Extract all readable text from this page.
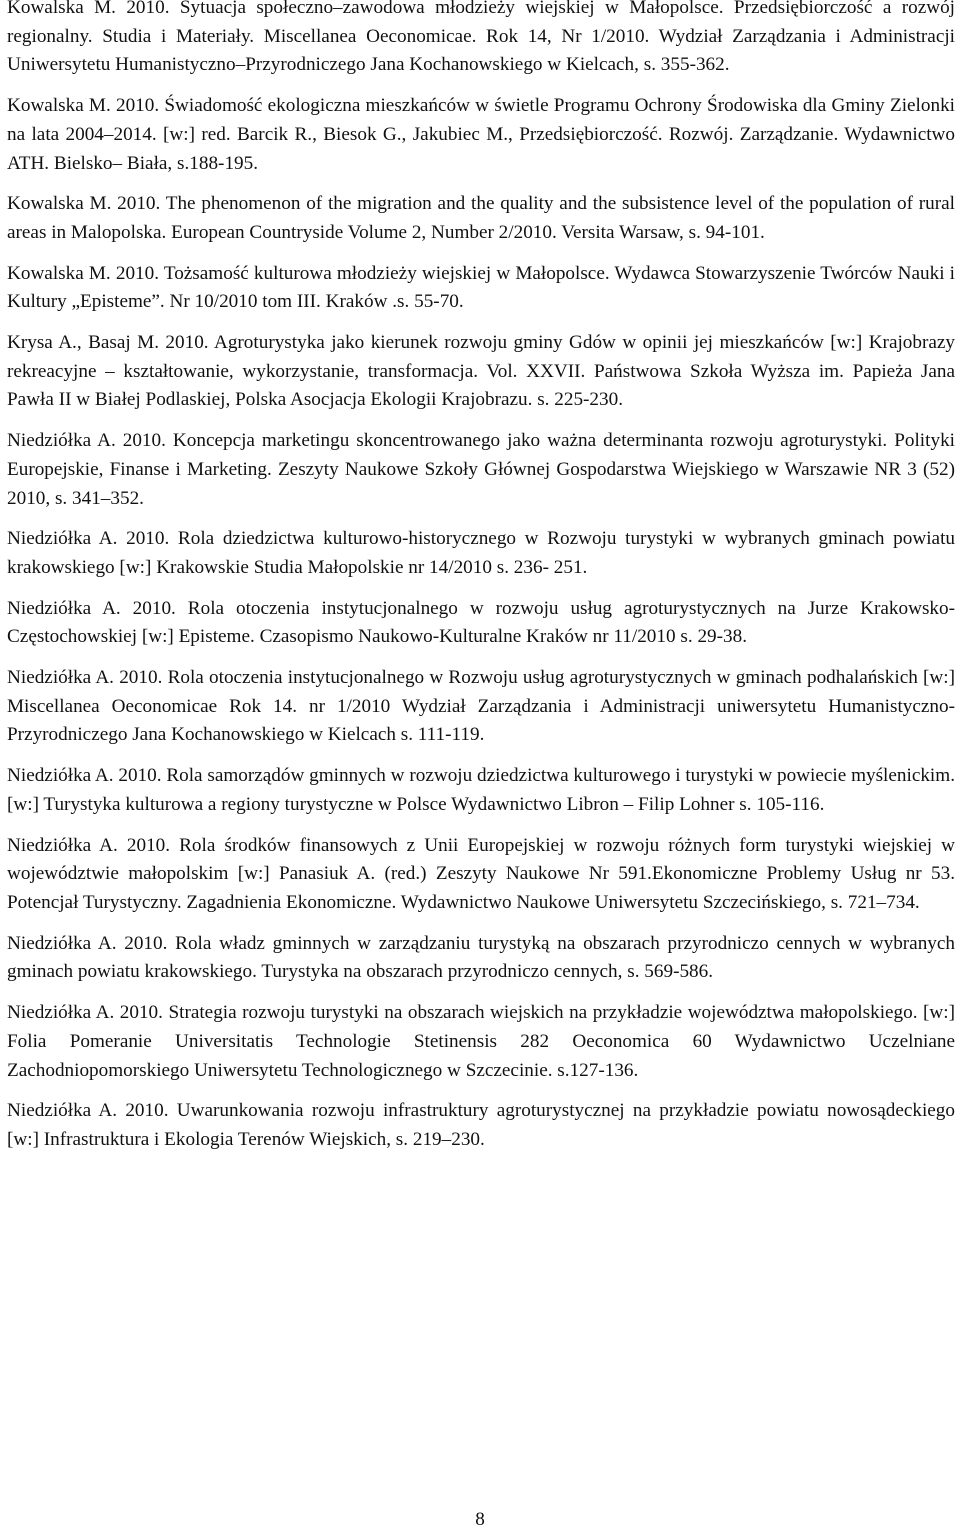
Kowalska M. 2010. Sytuacja społeczno–zawodowa młodzieży wiejskiej w Małopolsce. Przedsiębiorczość a rozwój regionalny. Studia i Materiały. Miscellanea Oeconomicae. Rok 14, Nr 1/2010. Wydział Zarządzania i Administracji Uniwersytetu Humanistyczno–Przyrodniczego Jana Kochanowskiego w Kielcach, s. 355-362.

Kowalska M. 2010. Świadomość ekologiczna mieszkańców w świetle Programu Ochrony Środowiska dla Gminy Zielonki na lata 2004–2014. [w:] red. Barcik R., Biesok G., Jakubiec M., Przedsiębiorczość. Rozwój. Zarządzanie. Wydawnictwo ATH. Bielsko– Biała, s.188-195.

Kowalska M. 2010. The phenomenon of the migration and the quality and the subsistence level of the population of rural areas in Malopolska. European Countryside Volume 2, Number 2/2010. Versita Warsaw, s. 94-101.

Kowalska M. 2010. Tożsamość kulturowa młodzieży wiejskiej w Małopolsce. Wydawca Stowarzyszenie Twórców Nauki i Kultury „Episteme”. Nr 10/2010 tom III. Kraków .s. 55-70.

Krysa A., Basaj M. 2010. Agroturystyka jako kierunek rozwoju gminy Gdów w opinii jej mieszkańców [w:] Krajobrazy rekreacyjne – kształtowanie, wykorzystanie, transformacja. Vol. XXVII. Państwowa Szkoła Wyższa im. Papieża Jana Pawła II w Białej Podlaskiej, Polska Asocjacja Ekologii Krajobrazu. s. 225-230.

Niedziółka A. 2010. Koncepcja marketingu skoncentrowanego jako ważna determinanta rozwoju agroturystyki. Polityki Europejskie, Finanse i Marketing. Zeszyty Naukowe Szkoły Głównej Gospodarstwa Wiejskiego w Warszawie NR 3 (52) 2010, s. 341–352.

Niedziółka A. 2010. Rola dziedzictwa kulturowo-historycznego w Rozwoju turystyki w wybranych gminach powiatu krakowskiego [w:] Krakowskie Studia Małopolskie nr 14/2010 s. 236- 251.

Niedziółka A. 2010. Rola otoczenia instytucjonalnego w rozwoju usług agroturystycznych na Jurze Krakowsko-Częstochowskiej [w:] Episteme. Czasopismo Naukowo-Kulturalne Kraków nr 11/2010 s. 29-38.

Niedziółka A. 2010. Rola otoczenia instytucjonalnego w Rozwoju usług agroturystycznych w gminach podhalańskich [w:] Miscellanea Oeconomicae Rok 14. nr 1/2010 Wydział Zarządzania i Administracji uniwersytetu Humanistyczno-Przyrodniczego Jana Kochanowskiego w Kielcach s. 111-119.

Niedziółka A. 2010. Rola samorządów gminnych w rozwoju dziedzictwa kulturowego i turystyki w powiecie myślenickim. [w:] Turystyka kulturowa a regiony turystyczne w Polsce Wydawnictwo Libron – Filip Lohner s. 105-116.

Niedziółka A. 2010. Rola środków finansowych z Unii Europejskiej w rozwoju różnych form turystyki wiejskiej w województwie małopolskim [w:] Panasiuk A. (red.) Zeszyty Naukowe Nr 591.Ekonomiczne Problemy Usług nr 53. Potencjał Turystyczny. Zagadnienia Ekonomiczne. Wydawnictwo Naukowe Uniwersytetu Szczecińskiego, s. 721–734.

Niedziółka A. 2010. Rola władz gminnych w zarządzaniu turystyką na obszarach przyrodniczo cennych w wybranych gminach powiatu krakowskiego. Turystyka na obszarach przyrodniczo cennych, s. 569-586.

Niedziółka A. 2010. Strategia rozwoju turystyki na obszarach wiejskich na przykładzie województwa małopolskiego. [w:] Folia Pomeranie Universitatis Technologie Stetinensis 282 Oeconomica 60 Wydawnictwo Uczelniane Zachodniopomorskiego Uniwersytetu Technologicznego w Szczecinie. s.127-136.

Niedziółka A. 2010. Uwarunkowania rozwoju infrastruktury agroturystycznej na przykładzie powiatu nowosądeckiego [w:] Infrastruktura i Ekologia Terenów Wiejskich, s. 219–230.

8
